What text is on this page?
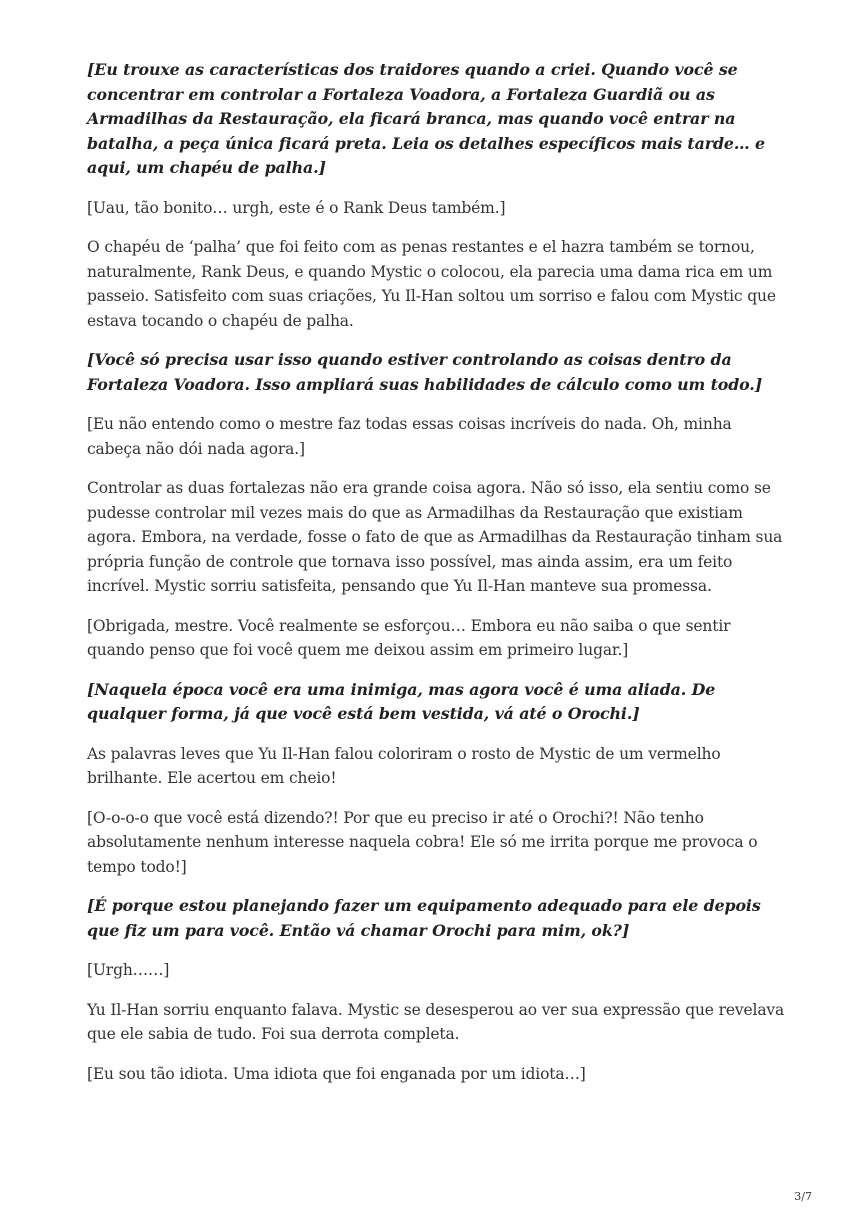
[Eu trouxe as características dos traidores quando a criei. Quando você se concentrar em controlar a Fortaleza Voadora, a Fortaleza Guardiã ou as Armadilhas da Restauração, ela ficará branca, mas quando você entrar na batalha, a peça única ficará preta. Leia os detalhes específicos mais tarde… e aqui, um chapéu de palha.]

[Uau, tão bonito… urgh, este é o Rank Deus também.]

O chapéu de ‘palha’ que foi feito com as penas restantes e el hazra também se tornou, naturalmente, Rank Deus, e quando Mystic o colocou, ela parecia uma dama rica em um passeio. Satisfeito com suas criações, Yu Il-Han soltou um sorriso e falou com Mystic que estava tocando o chapéu de palha.

[Você só precisa usar isso quando estiver controlando as coisas dentro da Fortaleza Voadora. Isso ampliará suas habilidades de cálculo como um todo.]

[Eu não entendo como o mestre faz todas essas coisas incríveis do nada. Oh, minha cabeça não dói nada agora.]

Controlar as duas fortalezas não era grande coisa agora. Não só isso, ela sentiu como se pudesse controlar mil vezes mais do que as Armadilhas da Restauração que existiam agora. Embora, na verdade, fosse o fato de que as Armadilhas da Restauração tinham sua própria função de controle que tornava isso possível, mas ainda assim, era um feito incrível. Mystic sorriu satisfeita, pensando que Yu Il-Han manteve sua promessa.

[Obrigada, mestre. Você realmente se esforçou… Embora eu não saiba o que sentir quando penso que foi você quem me deixou assim em primeiro lugar.]

[Naquela época você era uma inimiga, mas agora você é uma aliada. De qualquer forma, já que você está bem vestida, vá até o Orochi.]

As palavras leves que Yu Il-Han falou coloriram o rosto de Mystic de um vermelho brilhante. Ele acertou em cheio!

[O-o-o-o que você está dizendo?! Por que eu preciso ir até o Orochi?! Não tenho absolutamente nenhum interesse naquela cobra! Ele só me irrita porque me provoca o tempo todo!]

[É porque estou planejando fazer um equipamento adequado para ele depois que fiz um para você. Então vá chamar Orochi para mim, ok?]

[Urgh……]

Yu Il-Han sorriu enquanto falava. Mystic se desesperou ao ver sua expressão que revelava que ele sabia de tudo. Foi sua derrota completa.

[Eu sou tão idiota. Uma idiota que foi enganada por um idiota…]

3/7
